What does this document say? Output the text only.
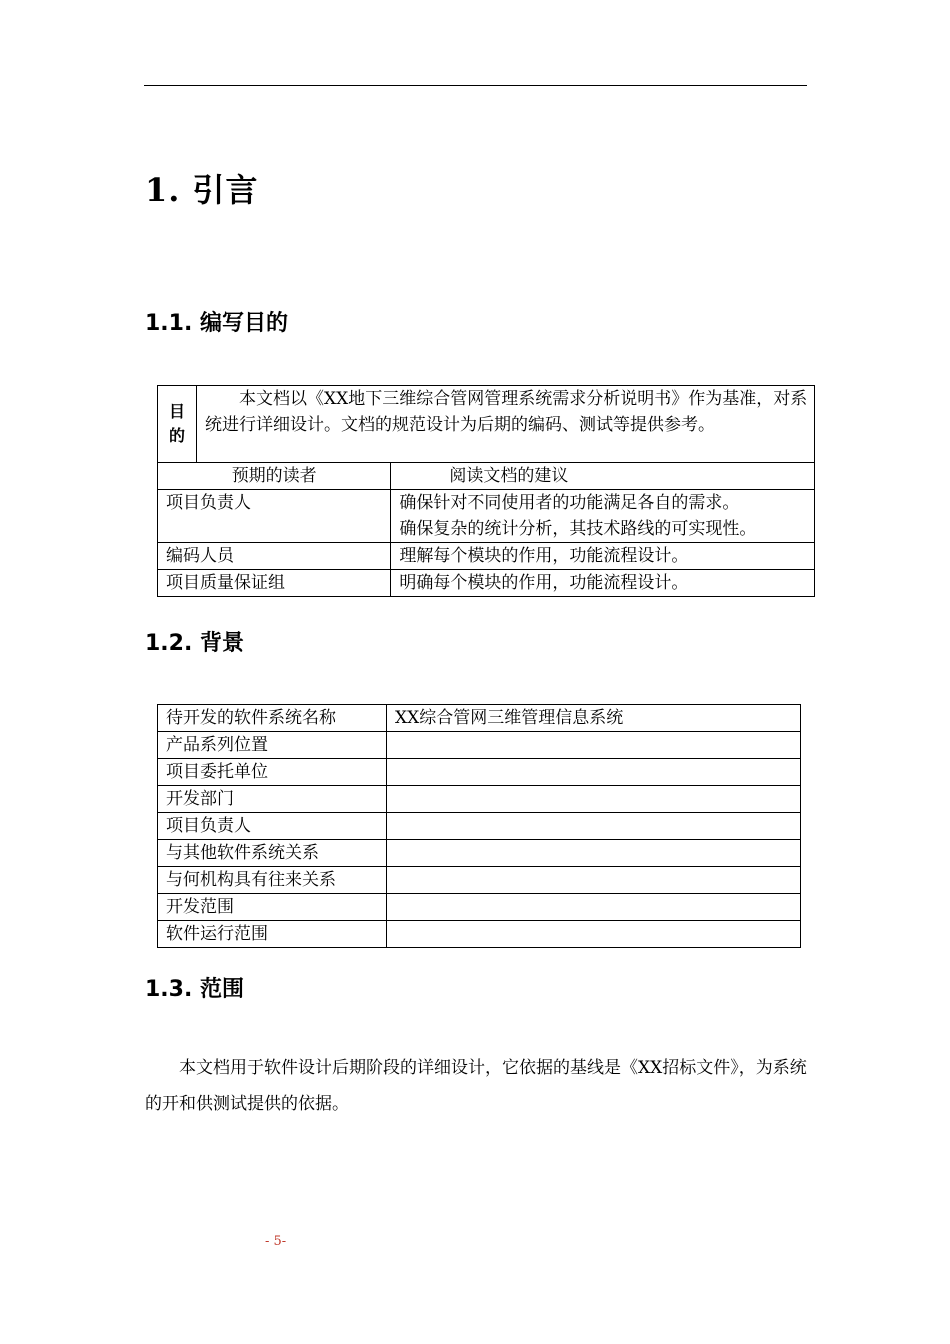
1. 引言
1.1. 编写目的
目的	本文档以《XX地下三维综合管网管理系统需求分析说明书》作为基准，对系统进行详细设计。文档的规范设计为后期的编码、测试等提供参考。	
预期的读者		阅读文档的建议
项目负责人		确保针对不同使用者的功能满足各自的需求。
确保复杂的统计分析，其技术路线的可实现性。

编码人员		理解每个模块的作用，功能流程设计。

项目质量保证组		明确每个模块的作用，功能流程设计。
1.2. 背景
待开发的软件系统名称	XX综合管网三维管理信息系统
产品系列位置	
项目委托单位	
开发部门	
项目负责人	
与其他软件系统关系	
与何机构具有往来关系	
开发范围	
软件运行范围	
1.3. 范围
本文档用于软件设计后期阶段的详细设计，它依据的基线是《XX招标文件》，为系统的开和供测试提供的依据。
- 5-
